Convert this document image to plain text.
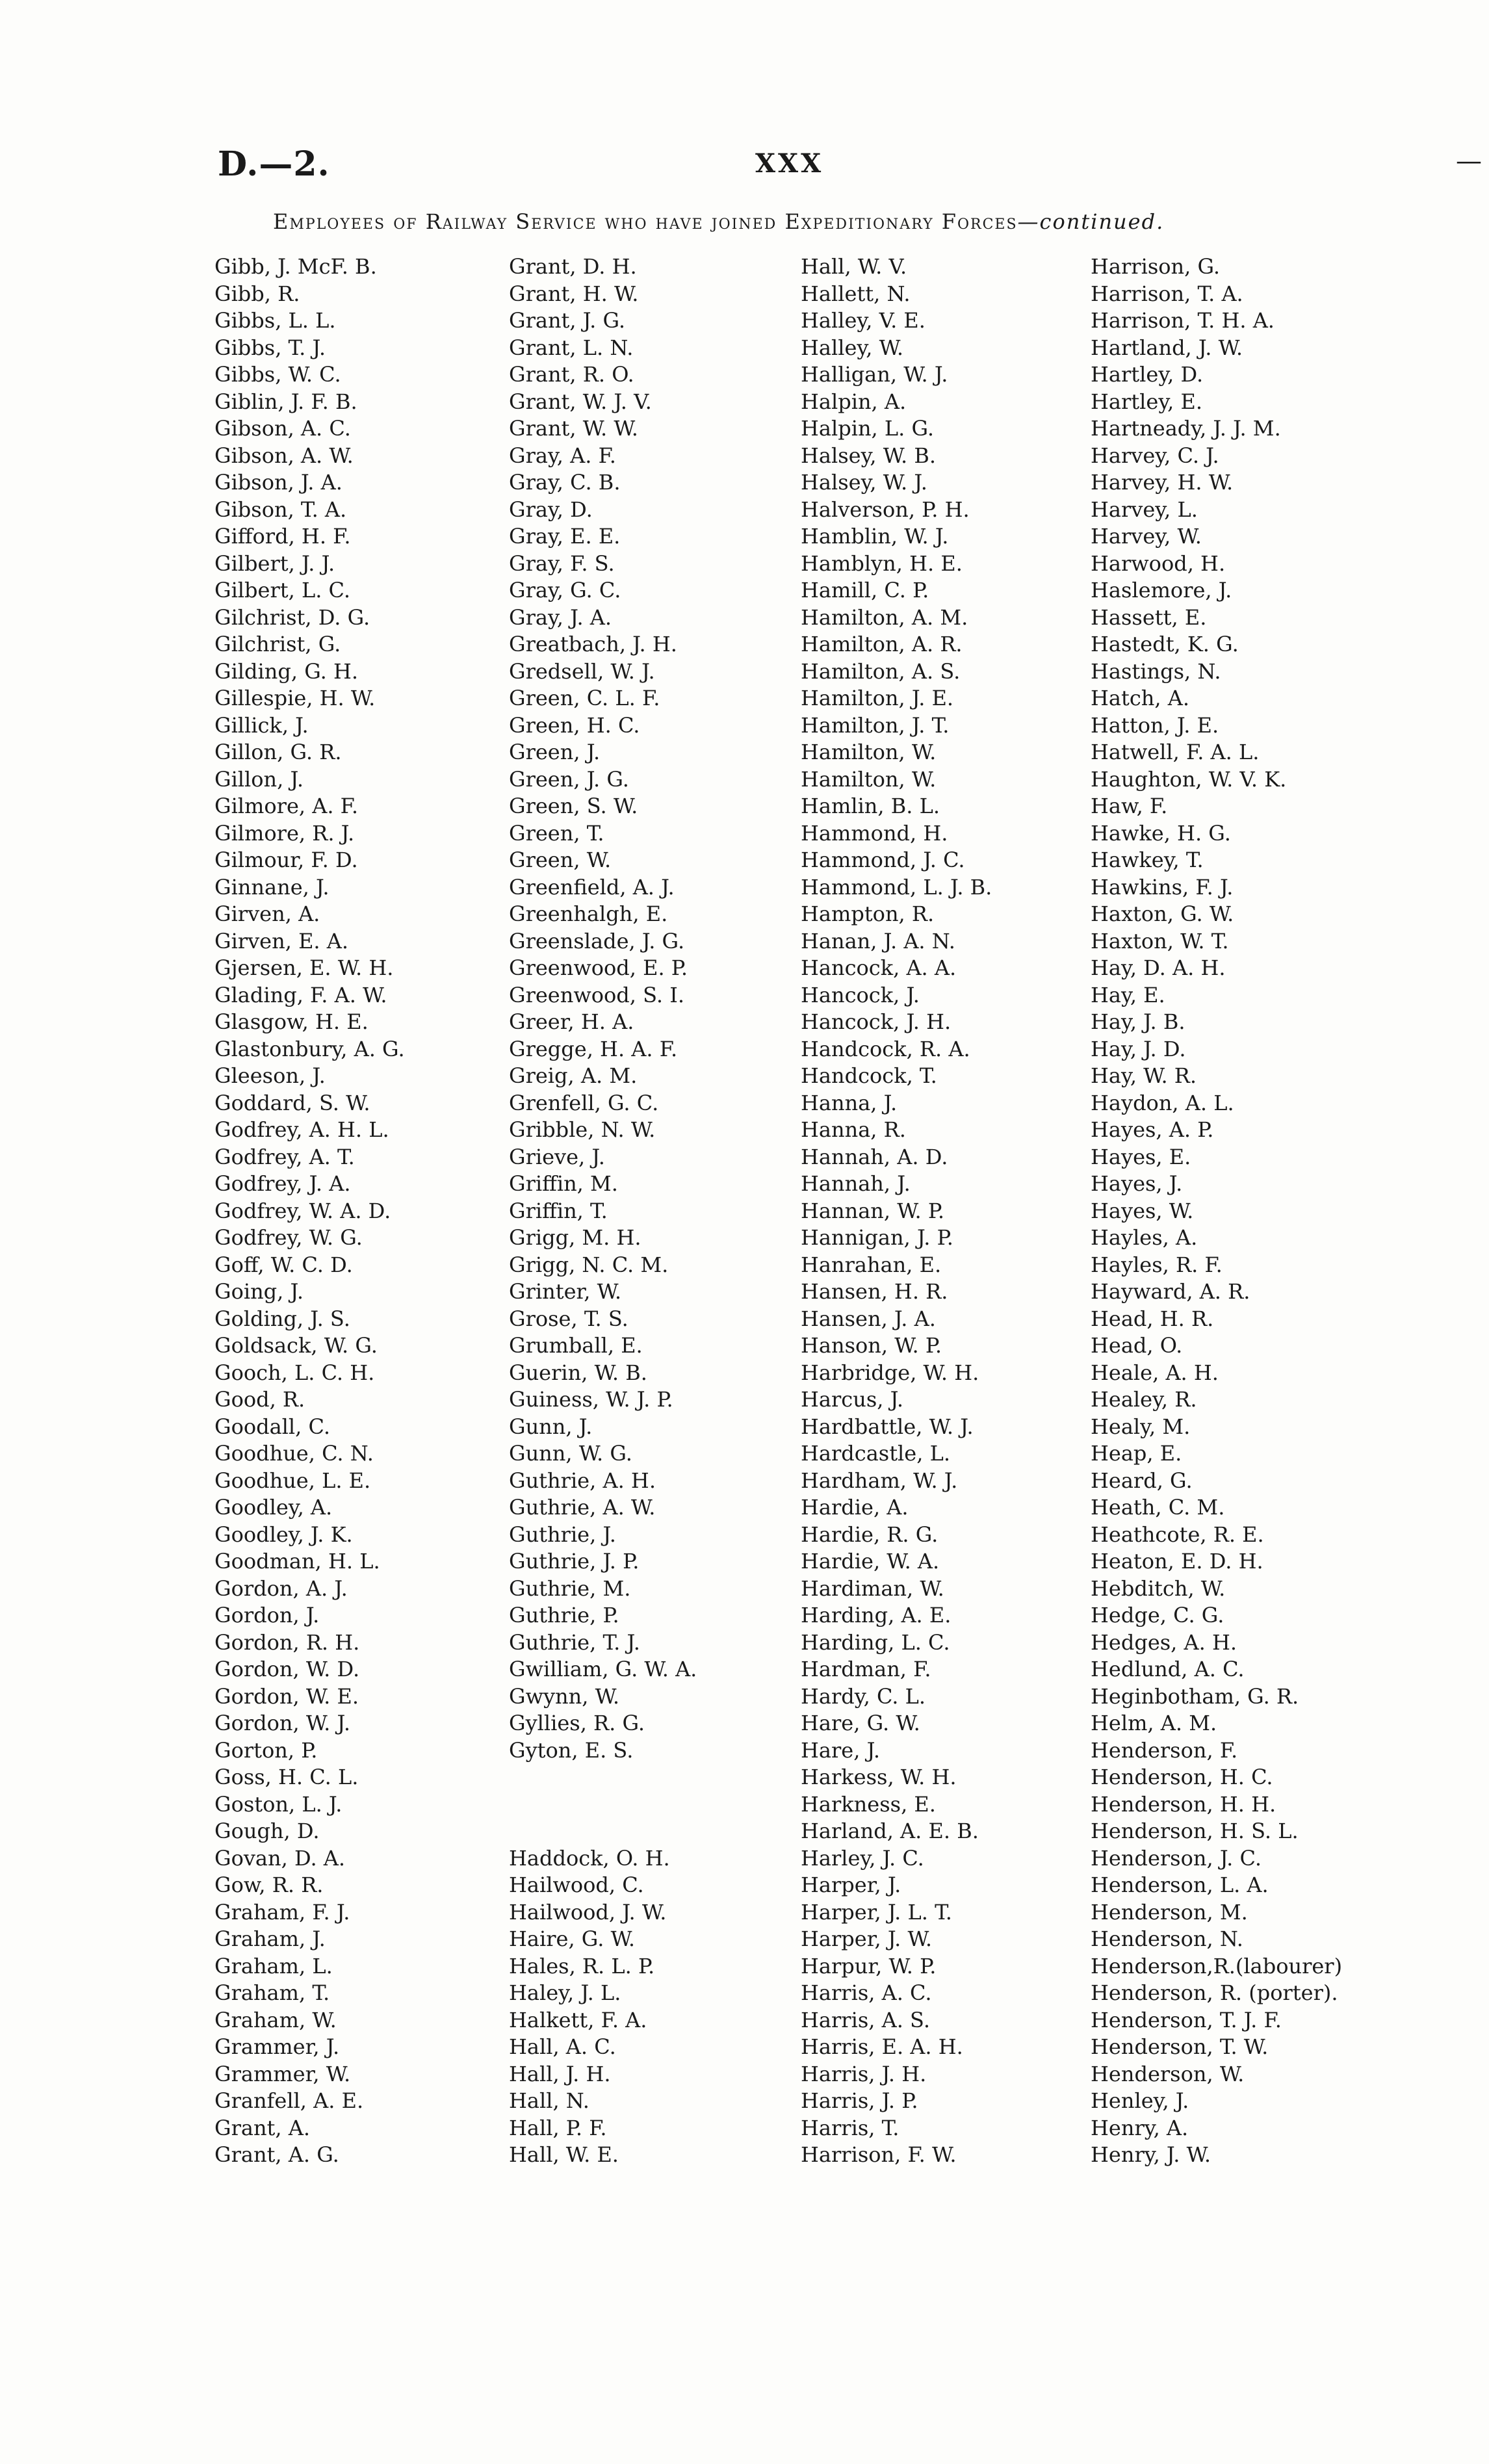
D.—2.	XXX	—
Employees of Railway Service who have joined Expeditionary Forces—continued.
Gibb, J. McF. B.
Gibb, R.
Gibbs, L. L.
Gibbs, T. J.
Gibbs, W. C.
Giblin, J. F. B.
Gibson, A. C.
Gibson, A. W.
Gibson, J. A.
Gibson, T. A.
Gifford, H. F.
Gilbert, J. J.
Gilbert, L. C.
Gilchrist, D. G.
Gilchrist, G.
Gilding, G. H.
Gillespie, H. W.
Gillick, J.
Gillon, G. R.
Gillon, J.
Gilmore, A. F.
Gilmore, R. J.
Gilmour, F. D.
Ginnane, J.
Girven, A.
Girven, E. A.
Gjersen, E. W. H.
Glading, F. A. W.
Glasgow, H. E.
Glastonbury, A. G.
Gleeson, J.
Goddard, S. W.
Godfrey, A. H. L.
Godfrey, A. T.
Godfrey, J. A.
Godfrey, W. A. D.
Godfrey, W. G.
Goff, W. C. D.
Going, J.
Golding, J. S.
Goldsack, W. G.
Gooch, L. C. H.
Good, R.
Goodall, C.
Goodhue, C. N.
Goodhue, L. E.
Goodley, A.
Goodley, J. K.
Goodman, H. L.
Gordon, A. J.
Gordon, J.
Gordon, R. H.
Gordon, W. D.
Gordon, W. E.
Gordon, W. J.
Gorton, P.
Goss, H. C. L.
Goston, L. J.
Gough, D.
Govan, D. A.
Gow, R. R.
Graham, F. J.
Graham, J.
Graham, L.
Graham, T.
Graham, W.
Grammer, J.
Grammer, W.
Granfell, A. E.
Grant, A.
Grant, A. G.
Grant, D. H.
Grant, H. W.
Grant, J. G.
Grant, L. N.
Grant, R. O.
Grant, W. J. V.
Grant, W. W.
Gray, A. F.
Gray, C. B.
Gray, D.
Gray, E. E.
Gray, F. S.
Gray, G. C.
Gray, J. A.
Greatbach, J. H.
Gredsell, W. J.
Green, C. L. F.
Green, H. C.
Green, J.
Green, J. G.
Green, S. W.
Green, T.
Green, W.
Greenfield, A. J.
Greenhalgh, E.
Greenslade, J. G.
Greenwood, E. P.
Greenwood, S. I.
Greer, H. A.
Gregge, H. A. F.
Greig, A. M.
Grenfell, G. C.
Gribble, N. W.
Grieve, J.
Griffin, M.
Griffin, T.
Grigg, M. H.
Grigg, N. C. M.
Grinter, W.
Grose, T. S.
Grumball, E.
Guerin, W. B.
Guiness, W. J. P.
Gunn, J.
Gunn, W. G.
Guthrie, A. H.
Guthrie, A. W.
Guthrie, J.
Guthrie, J. P.
Guthrie, M.
Guthrie, P.
Guthrie, T. J.
Gwilliam, G. W. A.
Gwynn, W.
Gyllies, R. G.
Gyton, E. S.
Haddock, O. H.
Hailwood, C.
Hailwood, J. W.
Haire, G. W.
Hales, R. L. P.
Haley, J. L.
Halkett, F. A.
Hall, A. C.
Hall, J. H.
Hall, N.
Hall, P. F.
Hall, W. E.
Hall, W. V.
Hallett, N.
Halley, V. E.
Halley, W.
Halligan, W. J.
Halpin, A.
Halpin, L. G.
Halsey, W. B.
Halsey, W. J.
Halverson, P. H.
Hamblin, W. J.
Hamblyn, H. E.
Hamill, C. P.
Hamilton, A. M.
Hamilton, A. R.
Hamilton, A. S.
Hamilton, J. E.
Hamilton, J. T.
Hamilton, W.
Hamilton, W.
Hamlin, B. L.
Hammond, H.
Hammond, J. C.
Hammond, L. J. B.
Hampton, R.
Hanan, J. A. N.
Hancock, A. A.
Hancock, J.
Hancock, J. H.
Handcock, R. A.
Handcock, T.
Hanna, J.
Hanna, R.
Hannah, A. D.
Hannah, J.
Hannan, W. P.
Hannigan, J. P.
Hanrahan, E.
Hansen, H. R.
Hansen, J. A.
Hanson, W. P.
Harbridge, W. H.
Harcus, J.
Hardbattle, W. J.
Hardcastle, L.
Hardham, W. J.
Hardie, A.
Hardie, R. G.
Hardie, W. A.
Hardiman, W.
Harding, A. E.
Harding, L. C.
Hardman, F.
Hardy, C. L.
Hare, G. W.
Hare, J.
Harkess, W. H.
Harkness, E.
Harland, A. E. B.
Harley, J. C.
Harper, J.
Harper, J. L. T.
Harper, J. W.
Harpur, W. P.
Harris, A. C.
Harris, A. S.
Harris, E. A. H.
Harris, J. H.
Harris, J. P.
Harris, T.
Harrison, F. W.
Harrison, G.
Harrison, T. A.
Harrison, T. H. A.
Hartland, J. W.
Hartley, D.
Hartley, E.
Hartneady, J. J. M.
Harvey, C. J.
Harvey, H. W.
Harvey, L.
Harvey, W.
Harwood, H.
Haslemore, J.
Hassett, E.
Hastedt, K. G.
Hastings, N.
Hatch, A.
Hatton, J. E.
Hatwell, F. A. L.
Haughton, W. V. K.
Haw, F.
Hawke, H. G.
Hawkey, T.
Hawkins, F. J.
Haxton, G. W.
Haxton, W. T.
Hay, D. A. H.
Hay, E.
Hay, J. B.
Hay, J. D.
Hay, W. R.
Haydon, A. L.
Hayes, A. P.
Hayes, E.
Hayes, J.
Hayes, W.
Hayles, A.
Hayles, R. F.
Hayward, A. R.
Head, H. R.
Head, O.
Heale, A. H.
Healey, R.
Healy, M.
Heap, E.
Heard, G.
Heath, C. M.
Heathcote, R. E.
Heaton, E. D. H.
Hebditch, W.
Hedge, C. G.
Hedges, A. H.
Hedlund, A. C.
Heginbotham, G. R.
Helm, A. M.
Henderson, F.
Henderson, H. C.
Henderson, H. H.
Henderson, H. S. L.
Henderson, J. C.
Henderson, L. A.
Henderson, M.
Henderson, N.
Henderson,R.(labourer)
Henderson, R. (porter).
Henderson, T. J. F.
Henderson, T. W.
Henderson, W.
Henley, J.
Henry, A.
Henry, J. W.
